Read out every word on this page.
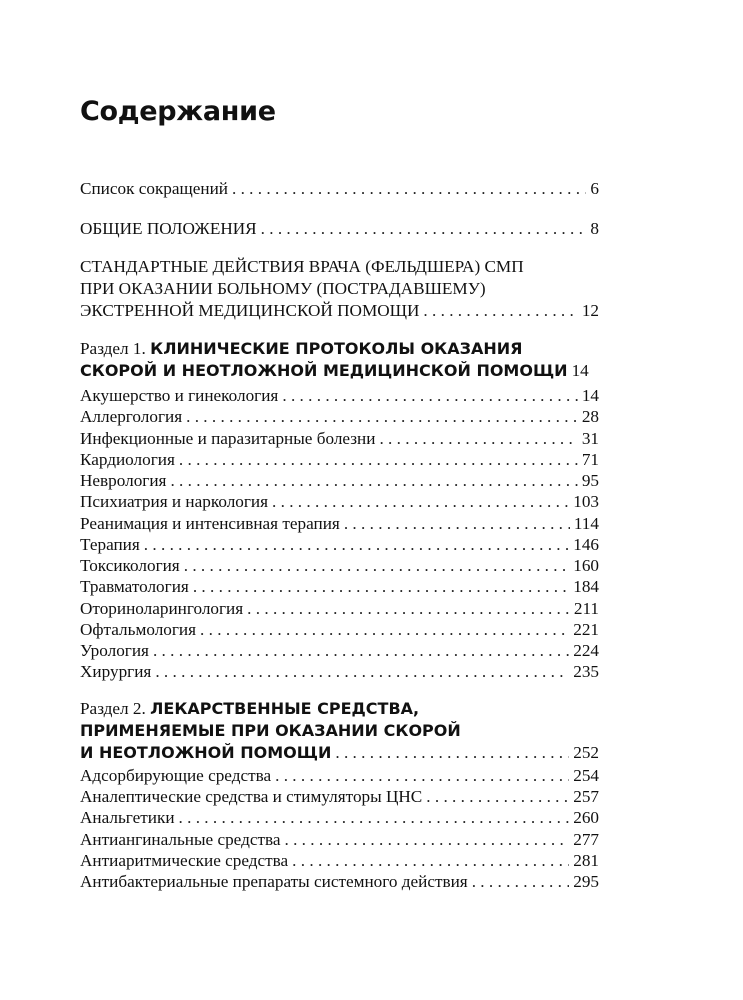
Содержание
Список сокращений . . .	6
ОБЩИЕ ПОЛОЖЕНИЯ . . .	8
СТАНДАРТНЫЕ ДЕЙСТВИЯ ВРАЧА (ФЕЛЬДШЕРА) СМП
ПРИ ОКАЗАНИИ БОЛЬНОМУ (ПОСТРАДАВШЕМУ)
ЭКСТРЕННОЙ МЕДИЦИНСКОЙ ПОМОЩИ . . .	12
Раздел 1. КЛИНИЧЕСКИЕ ПРОТОКОЛЫ ОКАЗАНИЯ
СКОРОЙ И НЕОТЛОЖНОЙ МЕДИЦИНСКОЙ ПОМОЩИ 14
Акушерство и гинекология . . .	14
Аллергология . . .	28
Инфекционные и паразитарные болезни . . .	31
Кардиология . . .	71
Неврология . . .	95
Психиатрия и наркология . . .	103
Реанимация и интенсивная терапия . . .	114
Терапия . . .	146
Токсикология . . .	160
Травматология . . .	184
Оториноларингология . . .	211
Офтальмология . . .	221
Урология . . .	224
Хирургия . . .	235
Раздел 2. ЛЕКАРСТВЕННЫЕ СРЕДСТВА,
ПРИМЕНЯЕМЫЕ ПРИ ОКАЗАНИИ СКОРОЙ
И НЕОТЛОЖНОЙ ПОМОЩИ . . .	252
Адсорбирующие средства . . .	254
Аналептические средства и стимуляторы ЦНС . . .	257
Анальгетики . . .	260
Антиангинальные средства . . .	277
Антиаритмические средства . . .	281
Антибактериальные препараты системного действия . . .	295
